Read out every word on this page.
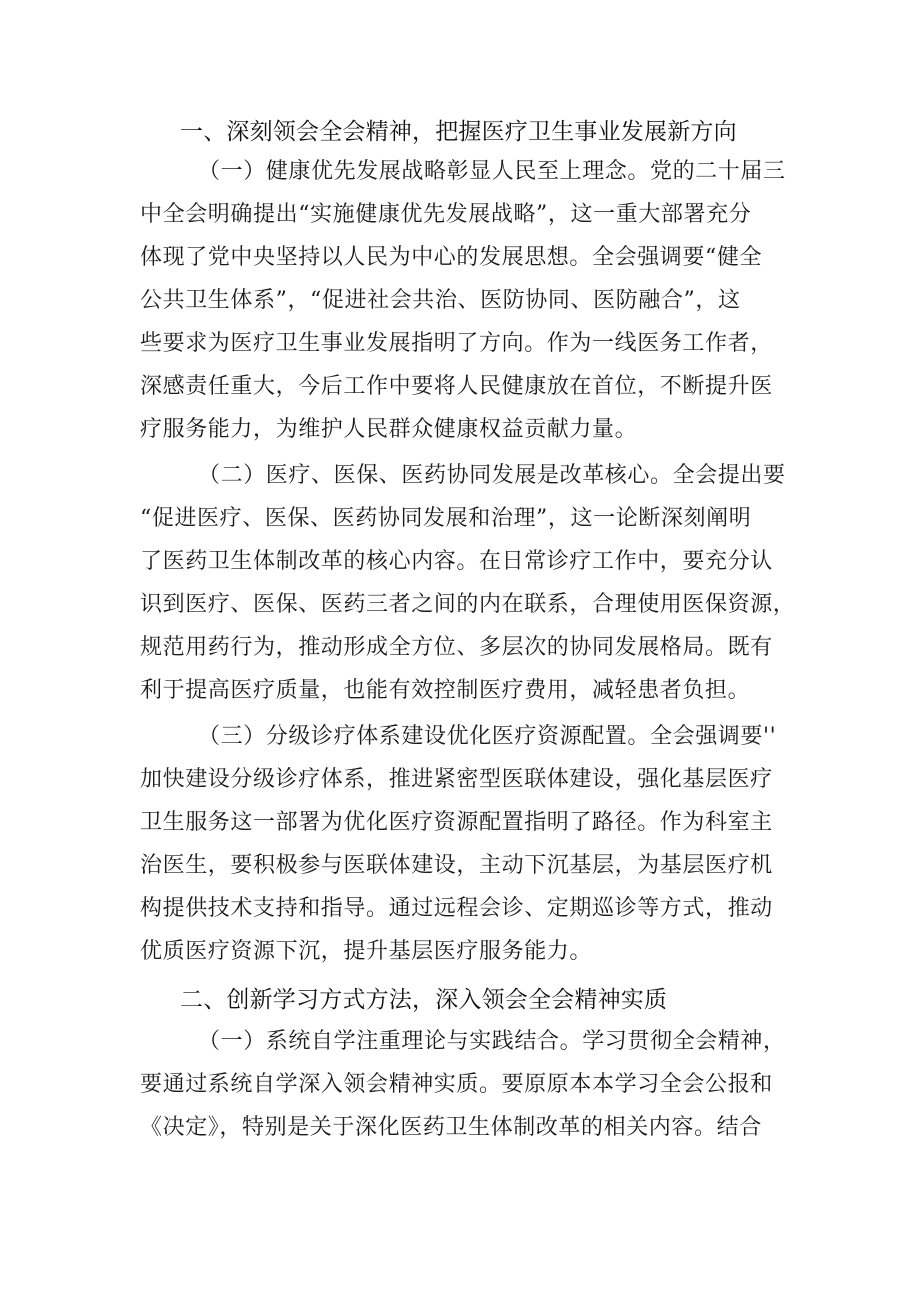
一、深刻领会全会精神，把握医疗卫生事业发展新方向
（一）健康优先发展战略彰显人民至上理念。党的二十届三
中全会明确提出“实施健康优先发展战略”，这一重大部署充分
体现了党中央坚持以人民为中心的发展思想。全会强调要“健全
公共卫生体系”，“促进社会共治、医防协同、医防融合”，这
些要求为医疗卫生事业发展指明了方向。作为一线医务工作者，
深感责任重大，今后工作中要将人民健康放在首位，不断提升医
疗服务能力，为维护人民群众健康权益贡献力量。
（二）医疗、医保、医药协同发展是改革核心。全会提出要
“促进医疗、医保、医药协同发展和治理”，这一论断深刻阐明
了医药卫生体制改革的核心内容。在日常诊疗工作中，要充分认
识到医疗、医保、医药三者之间的内在联系，合理使用医保资源，
规范用药行为，推动形成全方位、多层次的协同发展格局。既有
利于提高医疗质量，也能有效控制医疗费用，减轻患者负担。
（三）分级诊疗体系建设优化医疗资源配置。全会强调要''
加快建设分级诊疗体系，推进紧密型医联体建设，强化基层医疗
卫生服务这一部署为优化医疗资源配置指明了路径。作为科室主
治医生，要积极参与医联体建设，主动下沉基层，为基层医疗机
构提供技术支持和指导。通过远程会诊、定期巡诊等方式，推动
优质医疗资源下沉，提升基层医疗服务能力。
二、创新学习方式方法，深入领会全会精神实质
（一）系统自学注重理论与实践结合。学习贯彻全会精神，
要通过系统自学深入领会精神实质。要原原本本学习全会公报和
《决定》，特别是关于深化医药卫生体制改革的相关内容。结合
